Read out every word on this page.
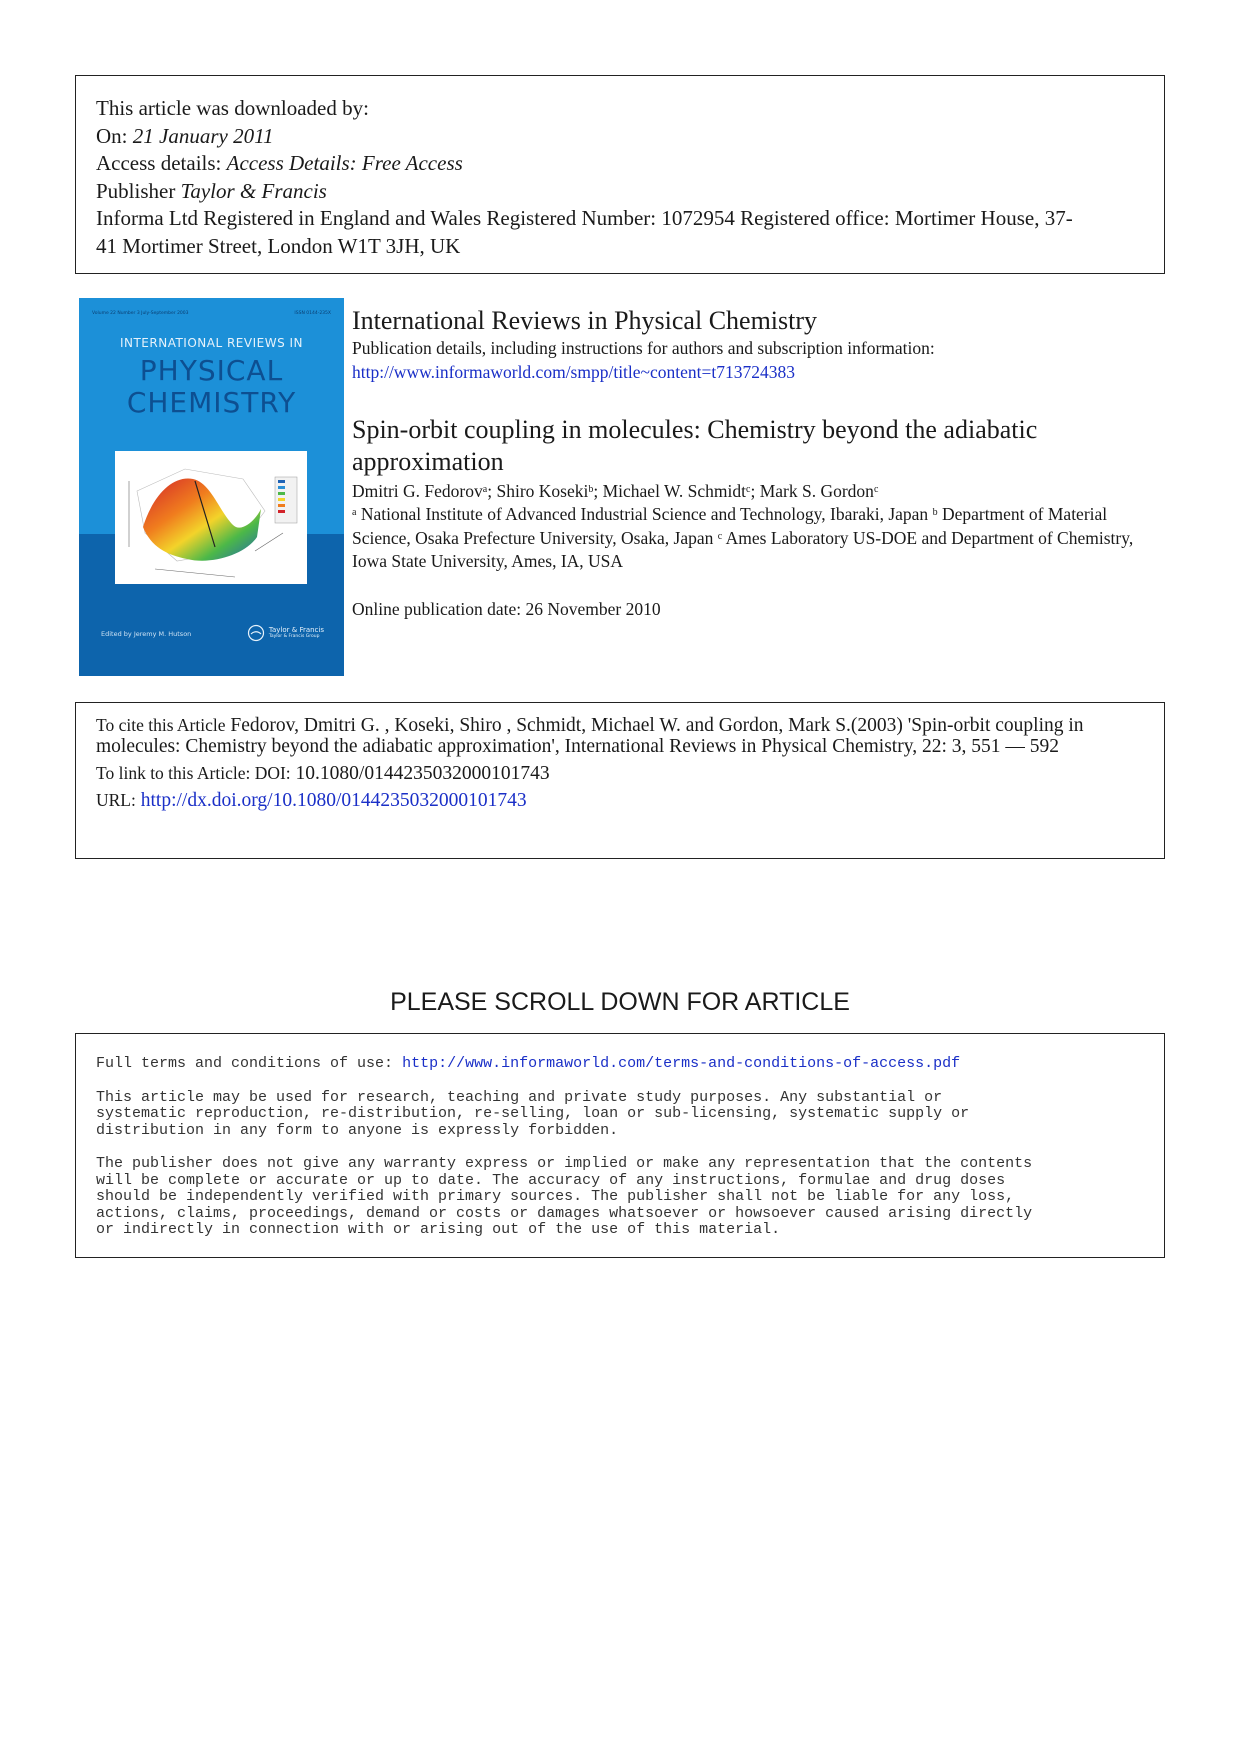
This article was downloaded by:
On: 21 January 2011
Access details: Access Details: Free Access
Publisher Taylor & Francis
Informa Ltd Registered in England and Wales Registered Number: 1072954 Registered office: Mortimer House, 37-
41 Mortimer Street, London W1T 3JH, UK
Volume 22 Number 3 July-September 2003	ISSN 0144-235X
INTERNATIONAL REVIEWS IN
PHYSICAL
CHEMISTRY
Edited by Jeremy M. Hutson	Taylor & Francis
Taylor & Francis Group
International Reviews in Physical Chemistry
Publication details, including instructions for authors and subscription information:
http://www.informaworld.com/smpp/title~content=t713724383
Spin-orbit coupling in molecules: Chemistry beyond the adiabatic approximation
Dmitri G. Fedorov$^a$; Shiro Koseki$^b$; Michael W. Schmidt$^c$; Mark S. Gordon$^c$
$^a$ National Institute of Advanced Industrial Science and Technology, Ibaraki, Japan $^b$ Department of Material Science, Osaka Prefecture University, Osaka, Japan $^c$ Ames Laboratory US-DOE and Department of Chemistry, Iowa State University, Ames, IA, USA
Online publication date: 26 November 2010
To cite this Article Fedorov, Dmitri G. , Koseki, Shiro , Schmidt, Michael W. and Gordon, Mark S.(2003) 'Spin-orbit coupling in molecules: Chemistry beyond the adiabatic approximation', International Reviews in Physical Chemistry, 22: 3, 551 — 592
To link to this Article: DOI: 10.1080/0144235032000101743
URL: http://dx.doi.org/10.1080/0144235032000101743
PLEASE SCROLL DOWN FOR ARTICLE

Full terms and conditions of use: http://www.informaworld.com/terms-and-conditions-of-access.pdf

This article may be used for research, teaching and private study purposes. Any substantial or
systematic reproduction, re-distribution, re-selling, loan or sub-licensing, systematic supply or
distribution in any form to anyone is expressly forbidden.

The publisher does not give any warranty express or implied or make any representation that the contents
will be complete or accurate or up to date. The accuracy of any instructions, formulae and drug doses
should be independently verified with primary sources. The publisher shall not be liable for any loss,
actions, claims, proceedings, demand or costs or damages whatsoever or howsoever caused arising directly
or indirectly in connection with or arising out of the use of this material.
